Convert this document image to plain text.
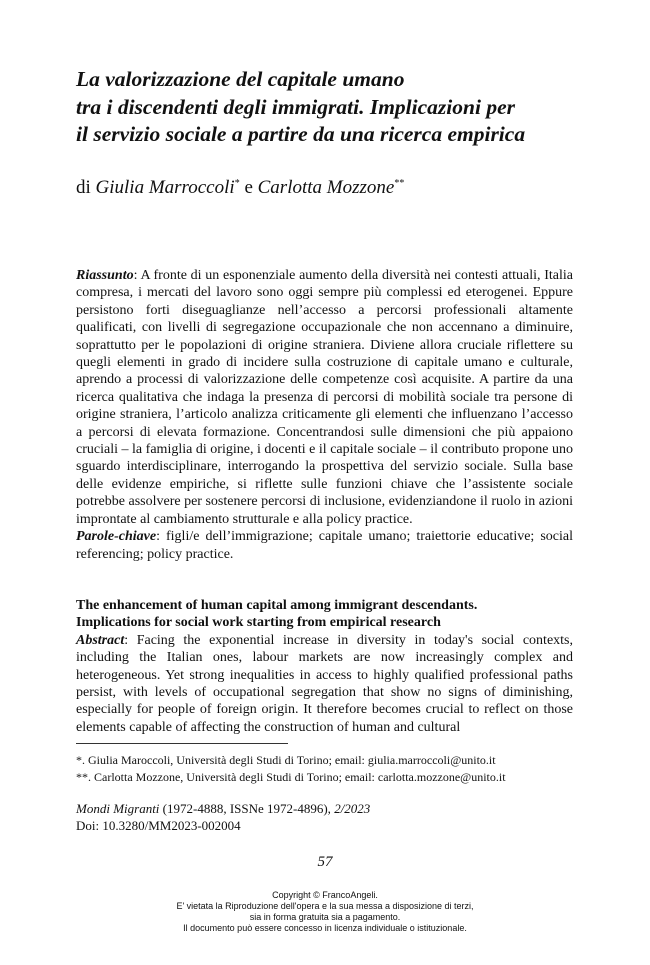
La valorizzazione del capitale umano
tra i discendenti degli immigrati. Implicazioni per
il servizio sociale a partire da una ricerca empirica
di Giulia Marroccoli* e Carlotta Mozzone**

Riassunto: A fronte di un esponenziale aumento della diversità nei contesti attuali, Italia compresa, i mercati del lavoro sono oggi sempre più complessi ed eterogenei. Eppure persistono forti diseguaglianze nell’accesso a percorsi professionali altamente qualificati, con livelli di segregazione occupazionale che non accennano a diminuire, soprattutto per le popolazioni di origine straniera. Diviene allora cruciale riflettere su quegli elementi in grado di incidere sulla costruzione di capitale umano e culturale, aprendo a processi di valorizzazione delle competenze così acquisite. A partire da una ricerca qualitativa che indaga la presenza di percorsi di mobilità sociale tra persone di origine straniera, l’articolo analizza criticamente gli elementi che influenzano l’accesso a percorsi di elevata formazione. Concentrandosi sulle dimensioni che più appaiono cruciali – la famiglia di origine, i docenti e il capitale sociale – il contributo propone uno sguardo interdisciplinare, interrogando la prospettiva del servizio sociale. Sulla base delle evidenze empiriche, si riflette sulle funzioni chiave che l’assistente sociale potrebbe assolvere per sostenere percorsi di inclusione, evidenziandone il ruolo in azioni improntate al cambiamento strutturale e alla policy practice.

Parole-chiave: figli/e dell’immigrazione; capitale umano; traiettorie educative; social referencing; policy practice.

The enhancement of human capital among immigrant descendants.
Implications for social work starting from empirical research

Abstract: Facing the exponential increase in diversity in today's social contexts, including the Italian ones, labour markets are now increasingly complex and heterogeneous. Yet strong inequalities in access to highly qualified professional paths persist, with levels of occupational segregation that show no signs of diminishing, especially for people of foreign origin. It therefore becomes crucial to reflect on those elements capable of affecting the construction of human and cultural

*. Giulia Maroccoli, Università degli Studi di Torino; email: giulia.marroccoli@unito.it
**. Carlotta Mozzone, Università degli Studi di Torino; email: carlotta.mozzone@unito.it
Mondi Migranti (1972-4888, ISSNe 1972-4896), 2/2023
Doi: 10.3280/MM2023-002004
57
Copyright © FrancoAngeli.
E' vietata la Riproduzione dell'opera e la sua messa a disposizione di terzi,
sia in forma gratuita sia a pagamento.
Il documento può essere concesso in licenza individuale o istituzionale.
